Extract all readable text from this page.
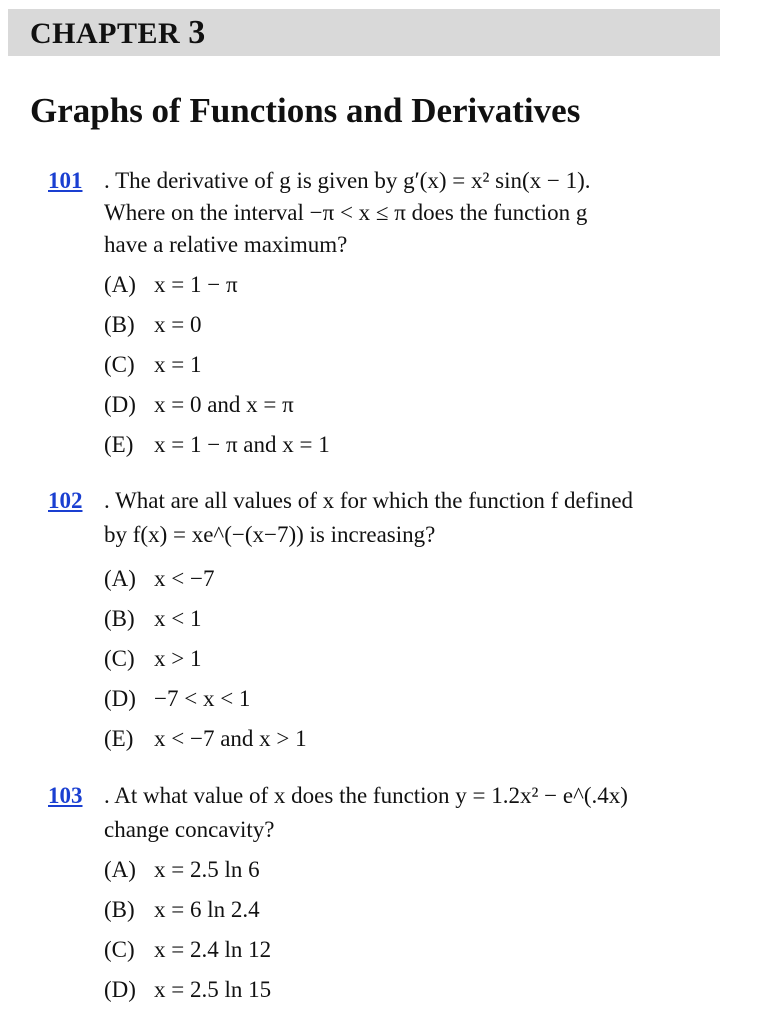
CHAPTER 3
Graphs of Functions and Derivatives
101 . The derivative of g is given by g′(x) = x² sin(x − 1).
Where on the interval −π < x ≤ π does the function g
have a relative maximum?
(A) x = 1 − π
(B) x = 0
(C) x = 1
(D) x = 0 and x = π
(E) x = 1 − π and x = 1
102 . What are all values of x for which the function f defined
by f(x) = xe^(−(x−7)) is increasing?
(A) x < −7
(B) x < 1
(C) x > 1
(D) −7 < x < 1
(E) x < −7 and x > 1
103 . At what value of x does the function y = 1.2x² − e^(.4x)
change concavity?
(A) x = 2.5 ln 6
(B) x = 6 ln 2.4
(C) x = 2.4 ln 12
(D) x = 2.5 ln 15
